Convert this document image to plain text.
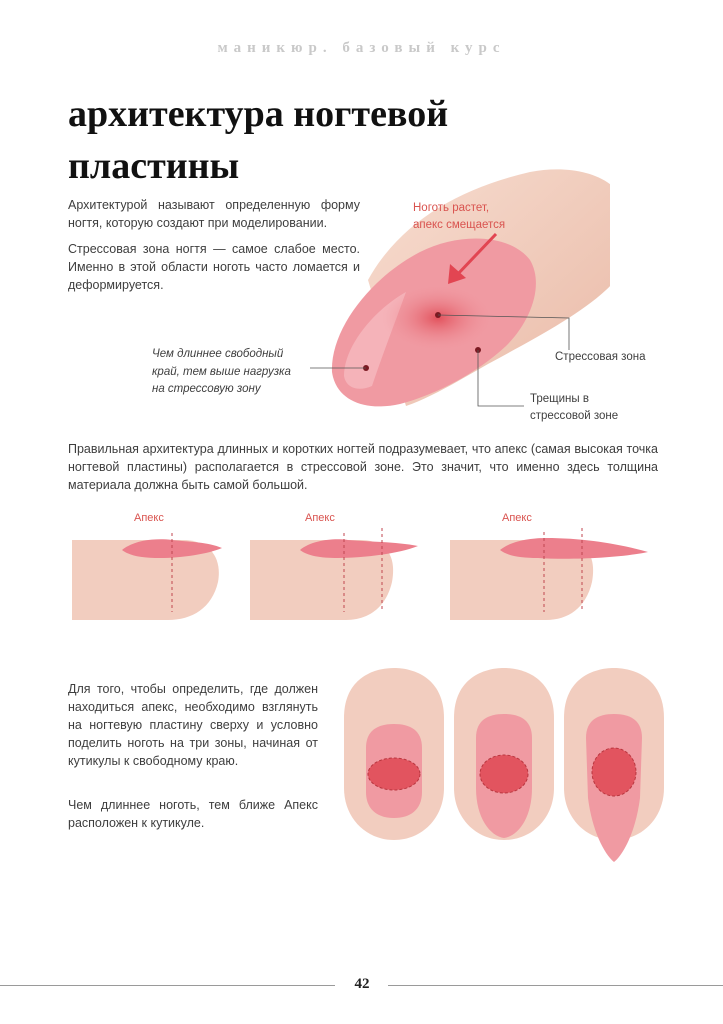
маникюр. базовый курс
архитектура ногтевой
пластины
Архитектурой называют определенную форму ногтя, которую создают при моделировании.
Стрессовая зона ногтя — самое слабое место. Именно в этой области ноготь часто ломается и деформируется.
Ноготь растет,
апекс смещается
Чем длиннее свободный край, тем выше нагрузка на стрессовую зону
Стрессовая зона
Трещины в
стрессовой зоне
Правильная архитектура длинных и коротких ногтей подразумевает, что апекс (самая высокая точка ногтевой пластины) располагается в стрессовой зоне. Это значит, что именно здесь толщина материала должна быть самой большой.
Апекс	Апекс	Апекс
Для того, чтобы определить, где должен находиться апекс, необходимо взглянуть на ногтевую пластину сверху и условно поделить ноготь на три зоны, начиная от кутикулы к свободному краю.
Чем длиннее ноготь, тем ближе Апекс расположен к кутикуле.
42
